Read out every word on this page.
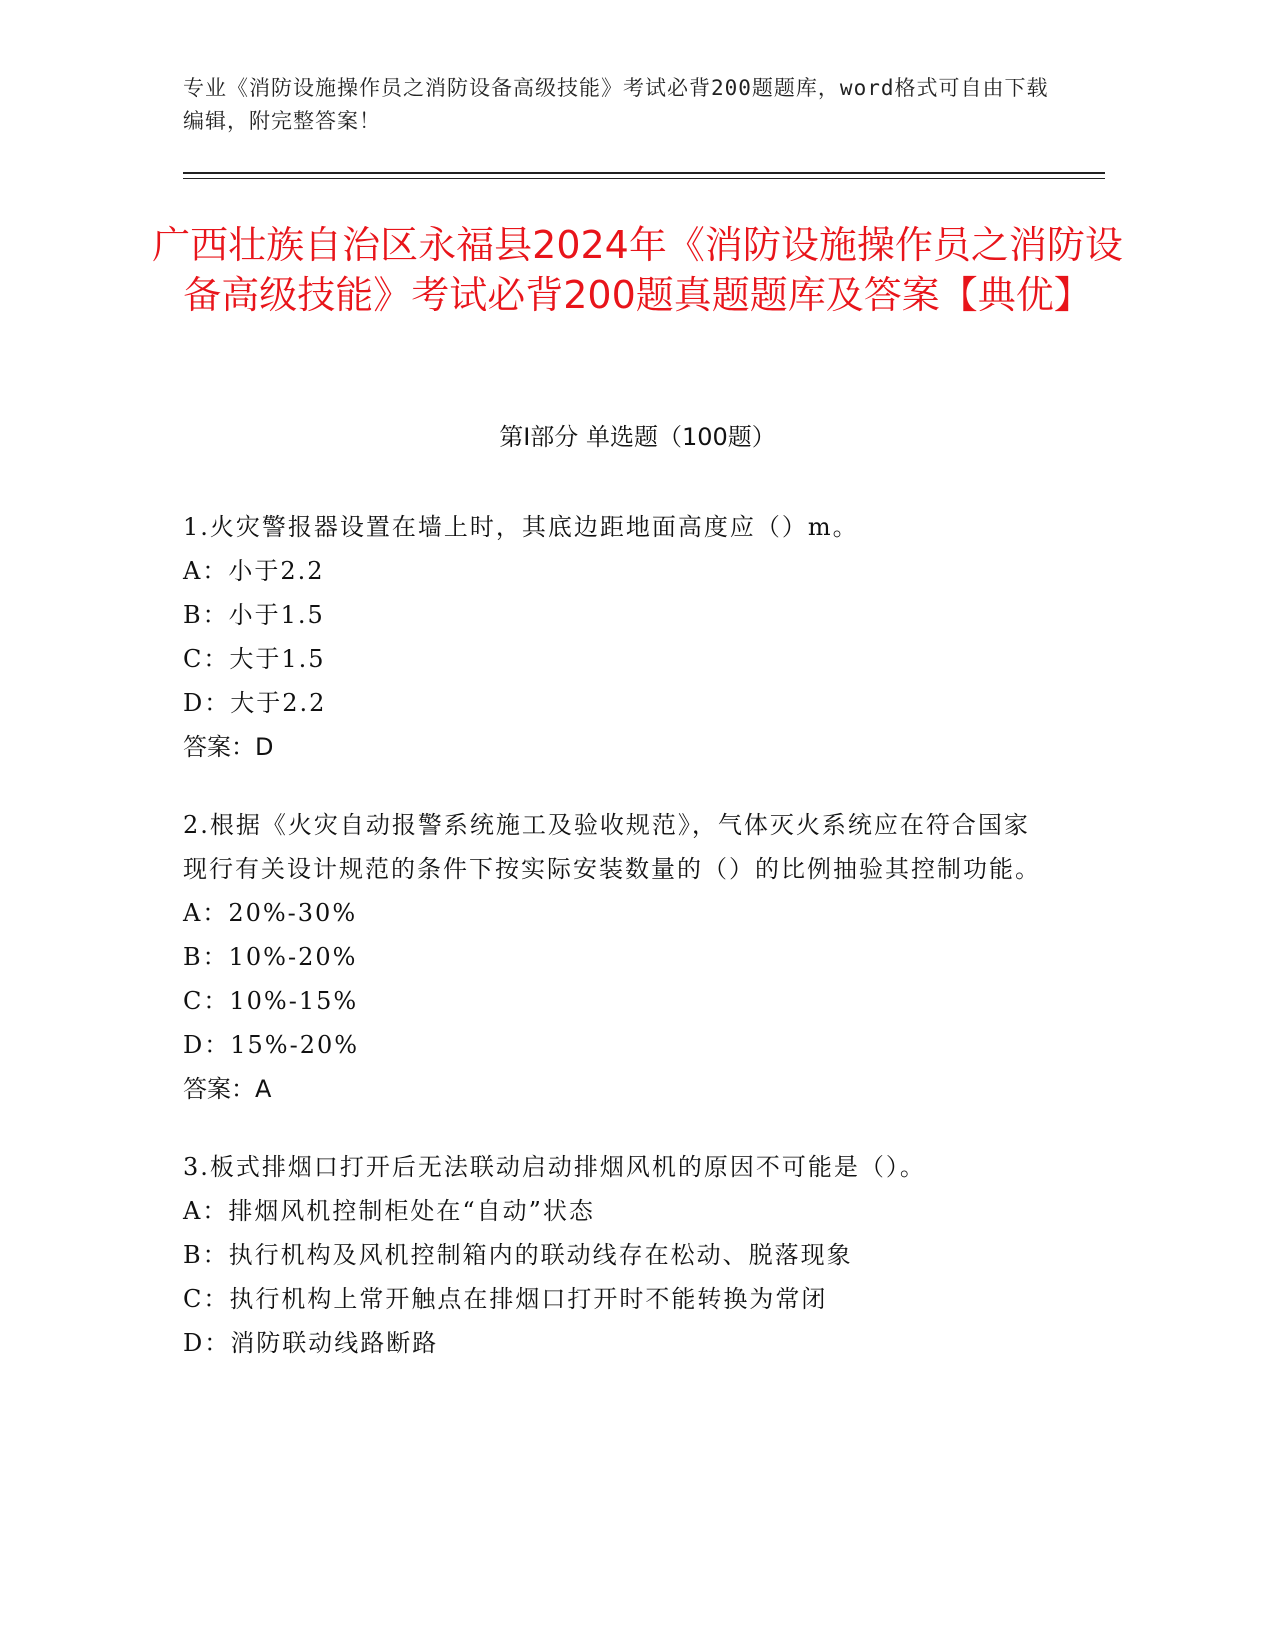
专业《消防设施操作员之消防设备高级技能》考试必背200题题库，word格式可自由下载编辑，附完整答案！
广西壮族自治区永福县2024年《消防设施操作员之消防设备高级技能》考试必背200题真题题库及答案【典优】
第I部分 单选题（100题）
1.火灾警报器设置在墙上时，其底边距地面高度应（）m。
A：小于2.2
B：小于1.5
C：大于1.5
D：大于2.2
答案：D
2.根据《火灾自动报警系统施工及验收规范》，气体灭火系统应在符合国家现行有关设计规范的条件下按实际安装数量的（）的比例抽验其控制功能。
A：20%-30%
B：10%-20%
C：10%-15%
D：15%-20%
答案：A
3.板式排烟口打开后无法联动启动排烟风机的原因不可能是（）。
A：排烟风机控制柜处在“自动”状态
B：执行机构及风机控制箱内的联动线存在松动、脱落现象
C：执行机构上常开触点在排烟口打开时不能转换为常闭
D：消防联动线路断路
